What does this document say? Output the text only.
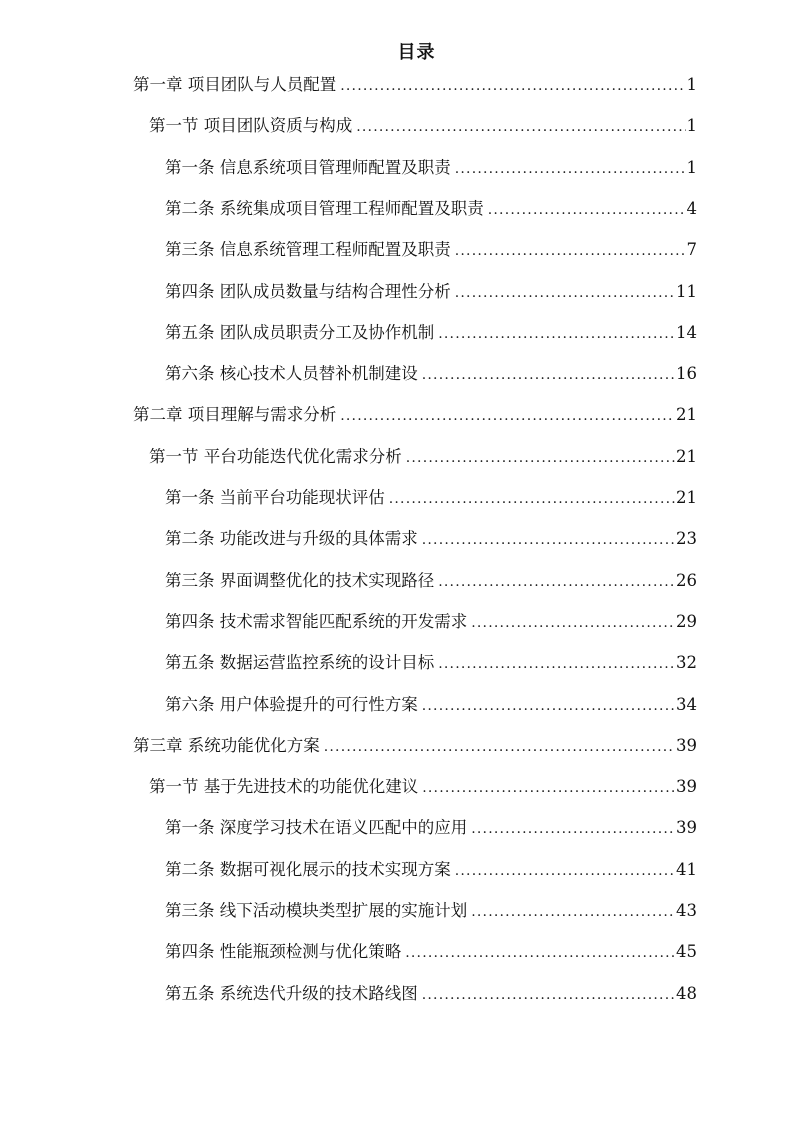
目录
第一章 项目团队与人员配置 .....	1
第一节 项目团队资质与构成 .....	1
第一条 信息系统项目管理师配置及职责 .....	1
第二条 系统集成项目管理工程师配置及职责 .....	4
第三条 信息系统管理工程师配置及职责 .....	7
第四条 团队成员数量与结构合理性分析 .....	11
第五条 团队成员职责分工及协作机制 .....	14
第六条 核心技术人员替补机制建设 .....	16
第二章 项目理解与需求分析 .....	21
第一节 平台功能迭代优化需求分析 .....	21
第一条 当前平台功能现状评估 .....	21
第二条 功能改进与升级的具体需求 .....	23
第三条 界面调整优化的技术实现路径 .....	26
第四条 技术需求智能匹配系统的开发需求 .....	29
第五条 数据运营监控系统的设计目标 .....	32
第六条 用户体验提升的可行性方案 .....	34
第三章 系统功能优化方案 .....	39
第一节 基于先进技术的功能优化建议 .....	39
第一条 深度学习技术在语义匹配中的应用 .....	39
第二条 数据可视化展示的技术实现方案 .....	41
第三条 线下活动模块类型扩展的实施计划 .....	43
第四条 性能瓶颈检测与优化策略 .....	45
第五条 系统迭代升级的技术路线图 .....	48
